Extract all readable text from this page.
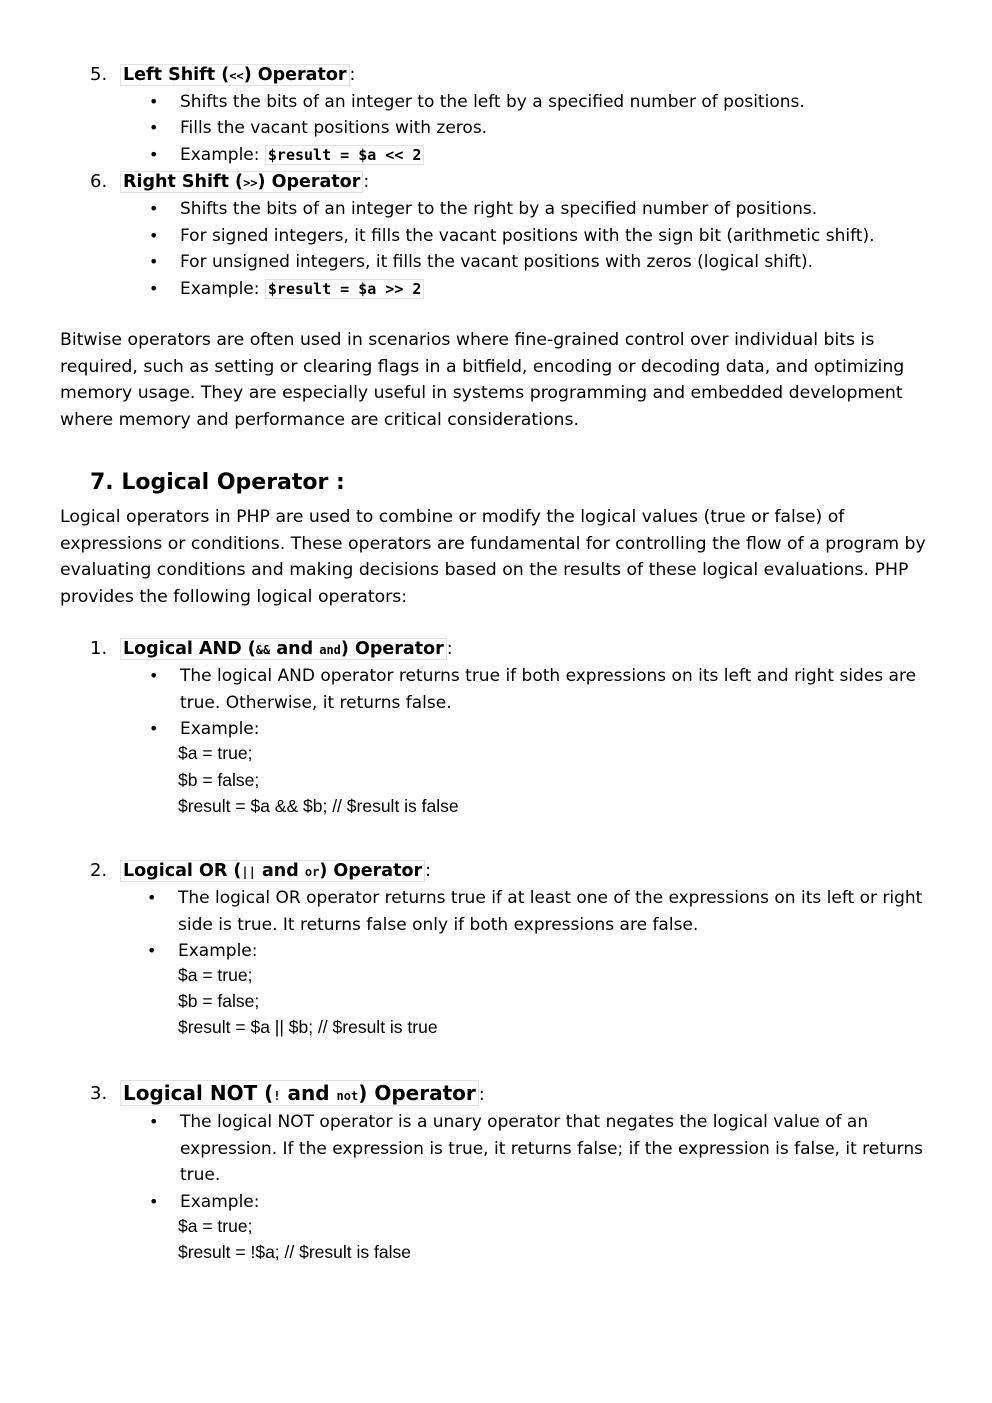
5. Left Shift (<<) Operator :
• Shifts the bits of an integer to the left by a specified number of positions.
• Fills the vacant positions with zeros.
• Example: $result = $a << 2
6. Right Shift (>>) Operator :
• Shifts the bits of an integer to the right by a specified number of positions.
• For signed integers, it fills the vacant positions with the sign bit (arithmetic shift).
• For unsigned integers, it fills the vacant positions with zeros (logical shift).
• Example: $result = $a >> 2
Bitwise operators are often used in scenarios where fine-grained control over individual bits is required, such as setting or clearing flags in a bitfield, encoding or decoding data, and optimizing memory usage. They are especially useful in systems programming and embedded development where memory and performance are critical considerations.
7. Logical Operator :
Logical operators in PHP are used to combine or modify the logical values (true or false) of expressions or conditions. These operators are fundamental for controlling the flow of a program by evaluating conditions and making decisions based on the results of these logical evaluations. PHP provides the following logical operators:
1. Logical AND (&& and and) Operator :
• The logical AND operator returns true if both expressions on its left and right sides are true. Otherwise, it returns false.
• Example:
$a = true;
$b = false;
$result = $a && $b; // $result is false
2. Logical OR (|| and or) Operator :
• The logical OR operator returns true if at least one of the expressions on its left or right side is true. It returns false only if both expressions are false.
• Example:
$a = true;
$b = false;
$result = $a || $b; // $result is true
3. Logical NOT (! and not) Operator :
• The logical NOT operator is a unary operator that negates the logical value of an expression. If the expression is true, it returns false; if the expression is false, it returns true.
• Example:
$a = true;
$result = !$a; // $result is false
